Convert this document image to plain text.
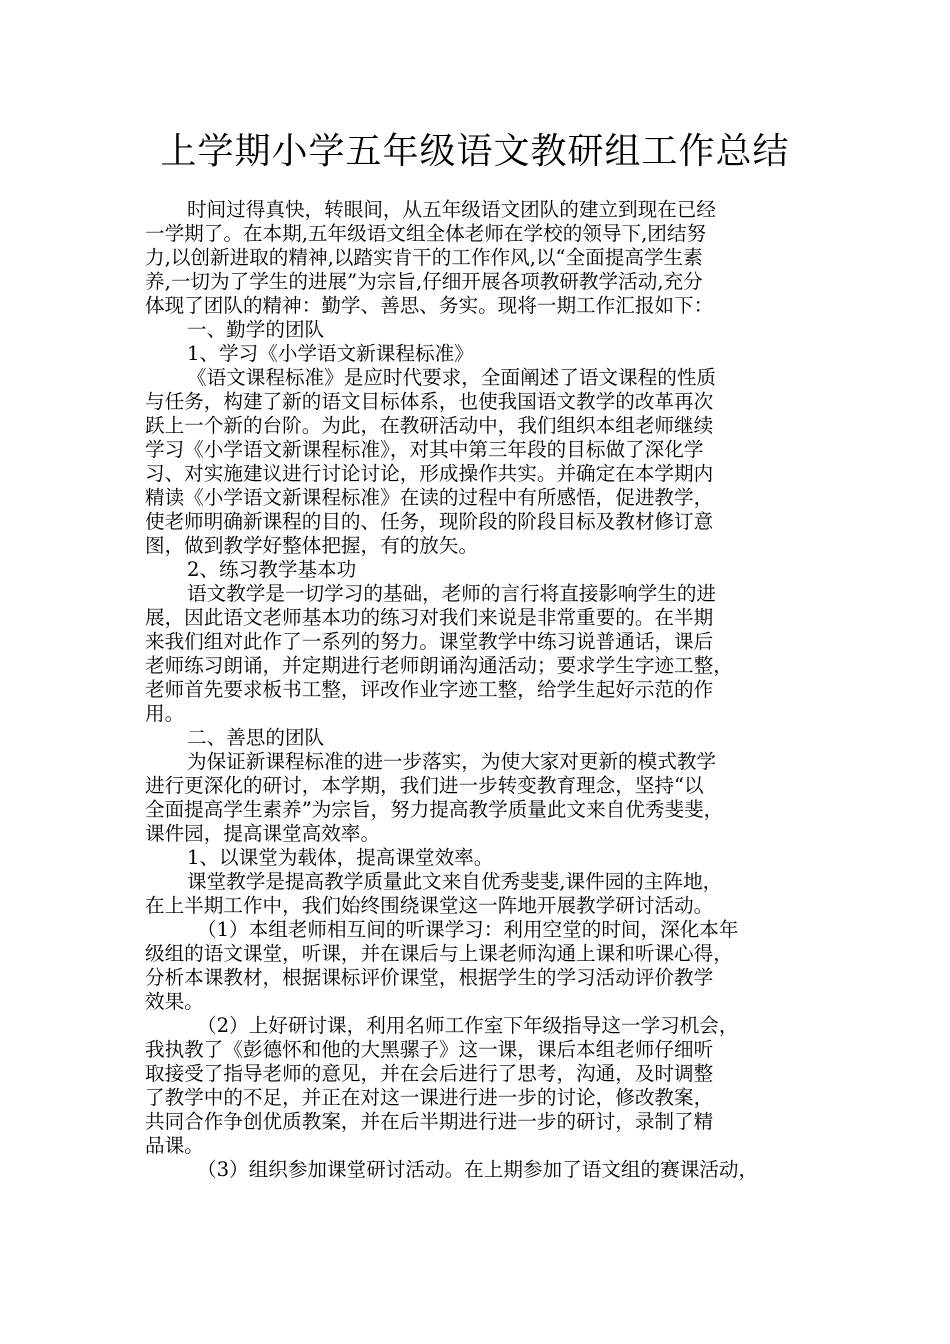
上学期小学五年级语文教研组工作总结
时间过得真快，转眼间，从五年级语文团队的建立到现在已经
一学期了。在本期,五年级语文组全体老师在学校的领导下,团结努
力,以创新进取的精神,以踏实肯干的工作作风,以“全面提高学生素
养,一切为了学生的进展”为宗旨,仔细开展各项教研教学活动,充分
体现了团队的精神：勤学、善思、务实。现将一期工作汇报如下：
一、勤学的团队
1、学习《小学语文新课程标准》
《语文课程标准》是应时代要求，全面阐述了语文课程的性质
与任务，构建了新的语文目标体系，也使我国语文教学的改革再次
跃上一个新的台阶。为此，在教研活动中，我们组织本组老师继续
学习《小学语文新课程标准》，对其中第三年段的目标做了深化学
习、对实施建议进行讨论讨论，形成操作共实。并确定在本学期内
精读《小学语文新课程标准》在读的过程中有所感悟，促进教学，
使老师明确新课程的目的、任务，现阶段的阶段目标及教材修订意
图，做到教学好整体把握，有的放矢。
2、练习教学基本功
语文教学是一切学习的基础，老师的言行将直接影响学生的进
展，因此语文老师基本功的练习对我们来说是非常重要的。在半期
来我们组对此作了一系列的努力。课堂教学中练习说普通话，课后
老师练习朗诵，并定期进行老师朗诵沟通活动；要求学生字迹工整，
老师首先要求板书工整，评改作业字迹工整，给学生起好示范的作
用。
二、善思的团队
为保证新课程标准的进一步落实，为使大家对更新的模式教学
进行更深化的研讨，本学期，我们进一步转变教育理念，坚持“以
全面提高学生素养”为宗旨，努力提高教学质量此文来自优秀斐斐，
课件园，提高课堂高效率。
1、以课堂为载体，提高课堂效率。
课堂教学是提高教学质量此文来自优秀斐斐,课件园的主阵地，
在上半期工作中，我们始终围绕课堂这一阵地开展教学研讨活动。
（1）本组老师相互间的听课学习：利用空堂的时间，深化本年
级组的语文课堂，听课，并在课后与上课老师沟通上课和听课心得，
分析本课教材，根据课标评价课堂，根据学生的学习活动评价教学
效果。
（2）上好研讨课，利用名师工作室下年级指导这一学习机会，
我执教了《彭德怀和他的大黑骡子》这一课，课后本组老师仔细听
取接受了指导老师的意见，并在会后进行了思考，沟通，及时调整
了教学中的不足，并正在对这一课进行进一步的讨论，修改教案，
共同合作争创优质教案，并在后半期进行进一步的研讨，录制了精
品课。
（3）组织参加课堂研讨活动。在上期参加了语文组的赛课活动，
